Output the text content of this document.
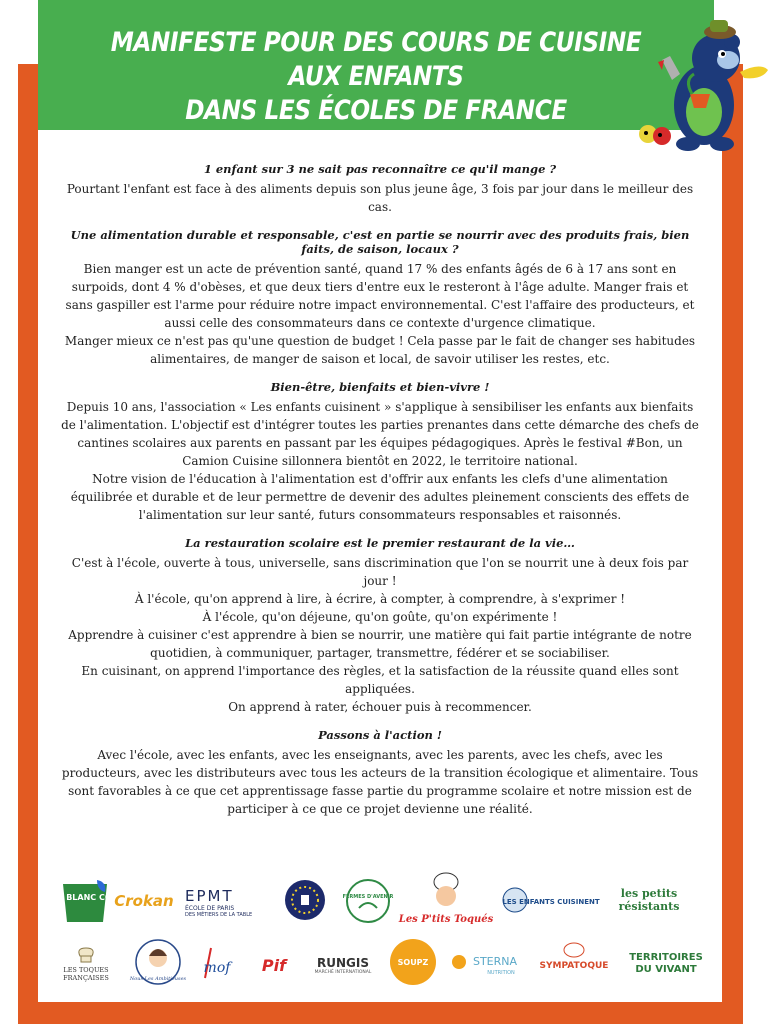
MANIFESTE POUR DES COURS DE CUISINE AUX ENFANTS
DANS LES ÉCOLES DE FRANCE

1 enfant sur 3 ne sait pas reconnaître ce qu'il mange ?

Pourtant l'enfant est face à des aliments depuis son plus jeune âge, 3 fois par jour dans le meilleur des cas.

Une alimentation durable et responsable, c'est en partie se nourrir avec des produits frais, bien faits, de saison, locaux ?

Bien manger est un acte de prévention santé, quand 17 % des enfants âgés de 6 à 17 ans sont en surpoids, dont 4 % d'obèses, et que deux tiers d'entre eux le resteront à l'âge adulte. Manger frais et sans gaspiller est l'arme pour réduire notre impact environnemental. C'est l'affaire des producteurs, et aussi celle des consommateurs dans ce contexte d'urgence climatique.

Manger mieux ce n'est pas qu'une question de budget ! Cela passe par le fait de changer ses habitudes alimentaires, de manger de saison et local, de savoir utiliser les restes, etc.

Bien-être, bienfaits et bien-vivre !

Depuis 10 ans, l'association « Les enfants cuisinent » s'applique à sensibiliser les enfants aux bienfaits de l'alimentation. L'objectif est d'intégrer toutes les parties prenantes dans cette démarche des chefs de cantines scolaires aux parents en passant par les équipes pédagogiques. Après le festival #Bon, un Camion Cuisine sillonnera bientôt en 2022, le territoire national.

Notre vision de l'éducation à l'alimentation est d'offrir aux enfants les clefs d'une alimentation équilibrée et durable et de leur permettre de devenir des adultes pleinement conscients des effets de l'alimentation sur leur santé, futurs consommateurs responsables et raisonnés.

La restauration scolaire est le premier restaurant de la vie…

C'est à l'école, ouverte à tous, universelle, sans discrimination que l'on se nourrit une à deux fois par jour !

À l'école, qu'on apprend à lire, à écrire, à compter, à comprendre, à s'exprimer !

À l'école, qu'on déjeune, qu'on goûte, qu'on expérimente !

Apprendre à cuisiner c'est apprendre à bien se nourrir, une matière qui fait partie intégrante de notre quotidien, à communiquer, partager, transmettre, fédérer et se sociabiliser.

En cuisinant, on apprend l'importance des règles, et la satisfaction de la réussite quand elles sont appliquées.

On apprend à rater, échouer puis à recommencer.

Passons à l'action !

Avec l'école, avec les enfants, avec les enseignants, avec les parents, avec les chefs, avec les producteurs, avec les distributeurs avec tous les acteurs de la transition écologique et alimentaire. Tous sont favorables à ce que cet apprentissage fasse partie du programme scolaire et notre mission est de participer à ce que ce projet devienne une réalité.

BLEU BLANC COEUR
Crokan EPMT
ÉCOLE DE PARIS
DES MÉTIERS DE LA TABLE
FERMES D'AVENIR
Les P'tits Toqués
LES ENFANTS CUISINENT
les petits résistants
LES TOQUES FRANÇAISES	Nous Les Ambitieuses
mof Pif	RUNGIS
MARCHÉ INTERNATIONAL
SOUPZ	STERNA
NUTRITION
SYMPATOQUE
TERRITOIRES DU VIVANT
